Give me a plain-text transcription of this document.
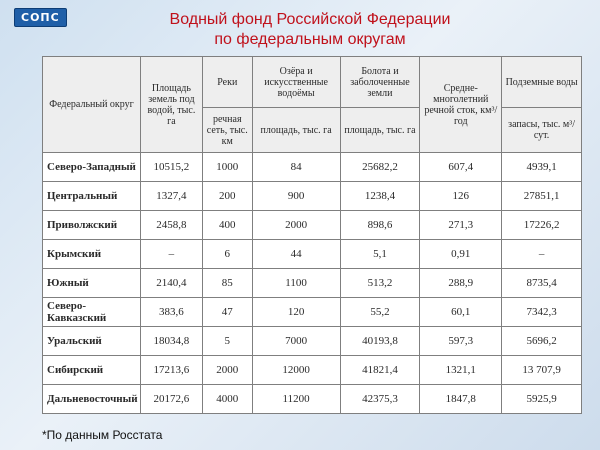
СОПС	Водный фонд Российской Федерации
по федеральным округам
Федеральный округ	Площадь земель под водой, тыс. га	Реки	Озёра и искусственные водоёмы	Болота и заболоченные земли	Средне-многолетний речной сток, км³/год	Подземные воды
		речная сеть, тыс. км	площадь, тыс. га	площадь, тыс. га		запасы, тыс. м³/сут.
Северо-Западный	10515,2	1000	84	25682,2	607,4	4939,1
Центральный	1327,4	200	900	1238,4	126	27851,1
Приволжский	2458,8	400	2000	898,6	271,3	17226,2
Крымский	–	6	44	5,1	0,91	–
Южный	2140,4	85	1100	513,2	288,9	8735,4
Северо-Кавказский	383,6	47	120	55,2	60,1	7342,3
Уральский	18034,8	5	7000	40193,8	597,3	5696,2
Сибирский	17213,6	2000	12000	41821,4	1321,1	13 707,9
Дальневосточный	20172,6	4000	11200	42375,3	1847,8	5925,9
*По данным Росстата
